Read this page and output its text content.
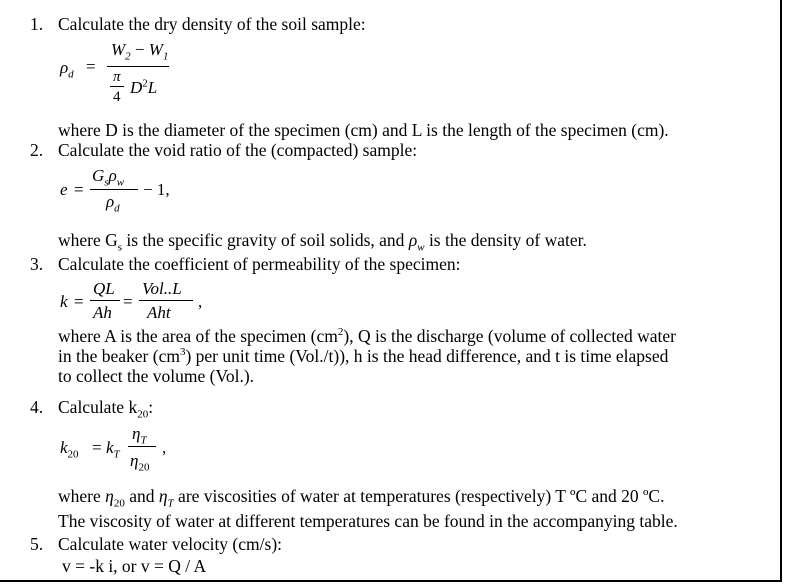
1. Calculate the dry density of the soil sample:
$\rho_d$ =
$W_2 - W_1$
π
4 $D^2L$
where D is the diameter of the specimen (cm) and L is the length of the specimen (cm).
2. Calculate the void ratio of the (compacted) sample:
e =
$G_s\rho_w$
$\rho_d$
− 1,
where $G_s$ is the specific gravity of soil solids, and $\rho_w$ is the density of water.
3. Calculate the coefficient of permeability of the specimen:
k =
QL
Ah
=
Vol..L
Aht
,
where A is the area of the specimen $(cm^2)$, Q is the discharge (volume of collected water
in the beaker $(cm^3)$ per unit time (Vol./t)), h is the head difference, and t is time elapsed
to collect the volume (Vol.).
4. Calculate $k_{20}$:
$k_{20} = k_T$
$\eta_T$
$\eta_{20}$
,
where $\eta_{20}$ and $\eta_T$ are viscosities of water at temperatures (respectively) T ºC and 20 ºC.
The viscosity of water at different temperatures can be found in the accompanying table.
5. Calculate water velocity (cm/s):
v = -k i, or v = Q / A
